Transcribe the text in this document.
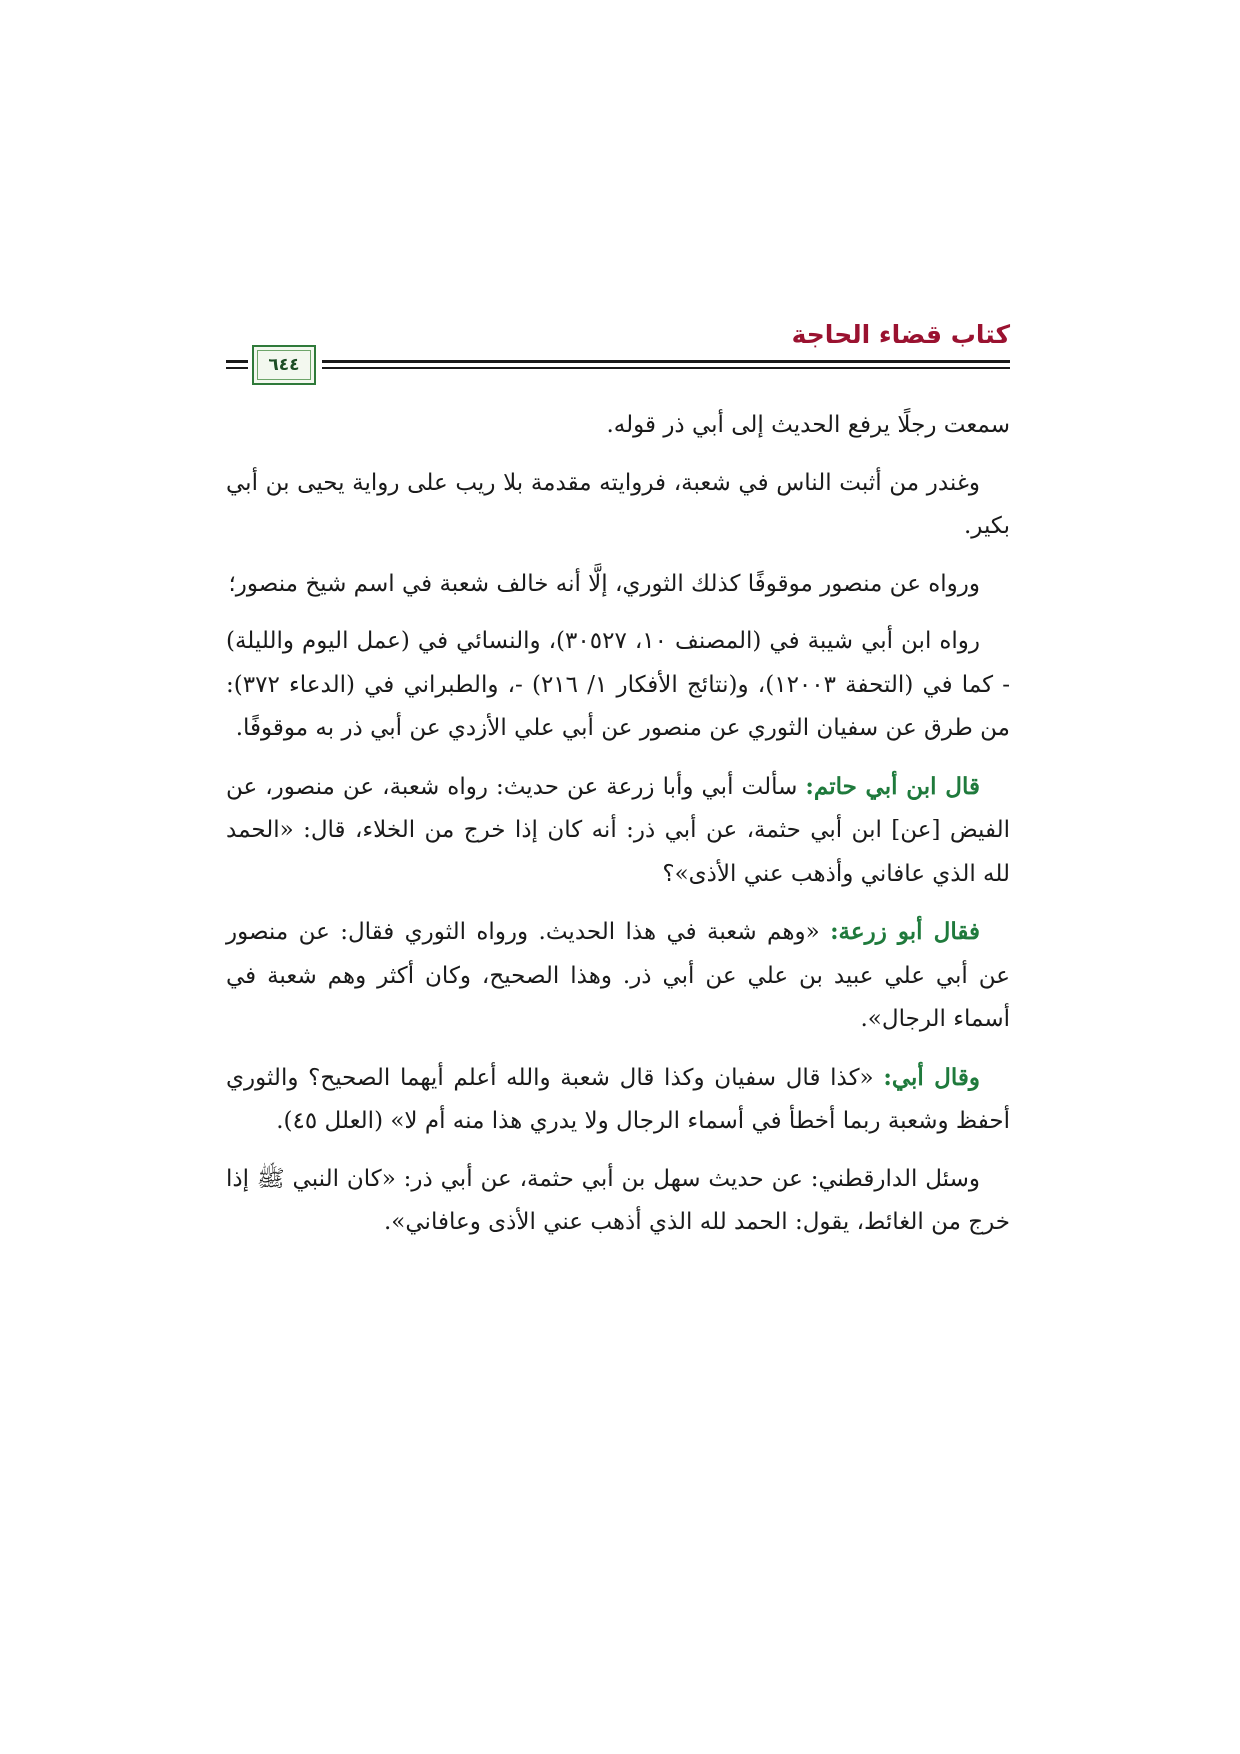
كتاب قضاء الحاجة
٦٤٤

سمعت رجلًا يرفع الحديث إلى أبي ذر قوله.

وغندر من أثبت الناس في شعبة، فروايته مقدمة بلا ريب على رواية يحيى بن أبي بكير.

ورواه عن منصور موقوفًا كذلك الثوري، إلَّا أنه خالف شعبة في اسم شيخ منصور؛

رواه ابن أبي شيبة في (المصنف ١٠، ٣٠٥٢٧)، والنسائي في (عمل اليوم والليلة) - كما في (التحفة ١٢٠٠٣)، و(نتائج الأفكار ١/ ٢١٦) -، والطبراني في (الدعاء ٣٧٢): من طرق عن سفيان الثوري عن منصور عن أبي علي الأزدي عن أبي ذر به موقوفًا.

قال ابن أبي حاتم: سألت أبي وأبا زرعة عن حديث: رواه شعبة، عن منصور، عن الفيض [عن] ابن أبي حثمة، عن أبي ذر: أنه كان إذا خرج من الخلاء، قال: «الحمد لله الذي عافاني وأذهب عني الأذى»؟

فقال أبو زرعة: «وهم شعبة في هذا الحديث. ورواه الثوري فقال: عن منصور عن أبي علي عبيد بن علي عن أبي ذر. وهذا الصحيح، وكان أكثر وهم شعبة في أسماء الرجال».

وقال أبي: «كذا قال سفيان وكذا قال شعبة والله أعلم أيهما الصحيح؟ والثوري أحفظ وشعبة ربما أخطأ في أسماء الرجال ولا يدري هذا منه أم لا» (العلل ٤٥).

وسئل الدارقطني: عن حديث سهل بن أبي حثمة، عن أبي ذر: «كان النبي ﷺ إذا خرج من الغائط، يقول: الحمد لله الذي أذهب عني الأذى وعافاني».
